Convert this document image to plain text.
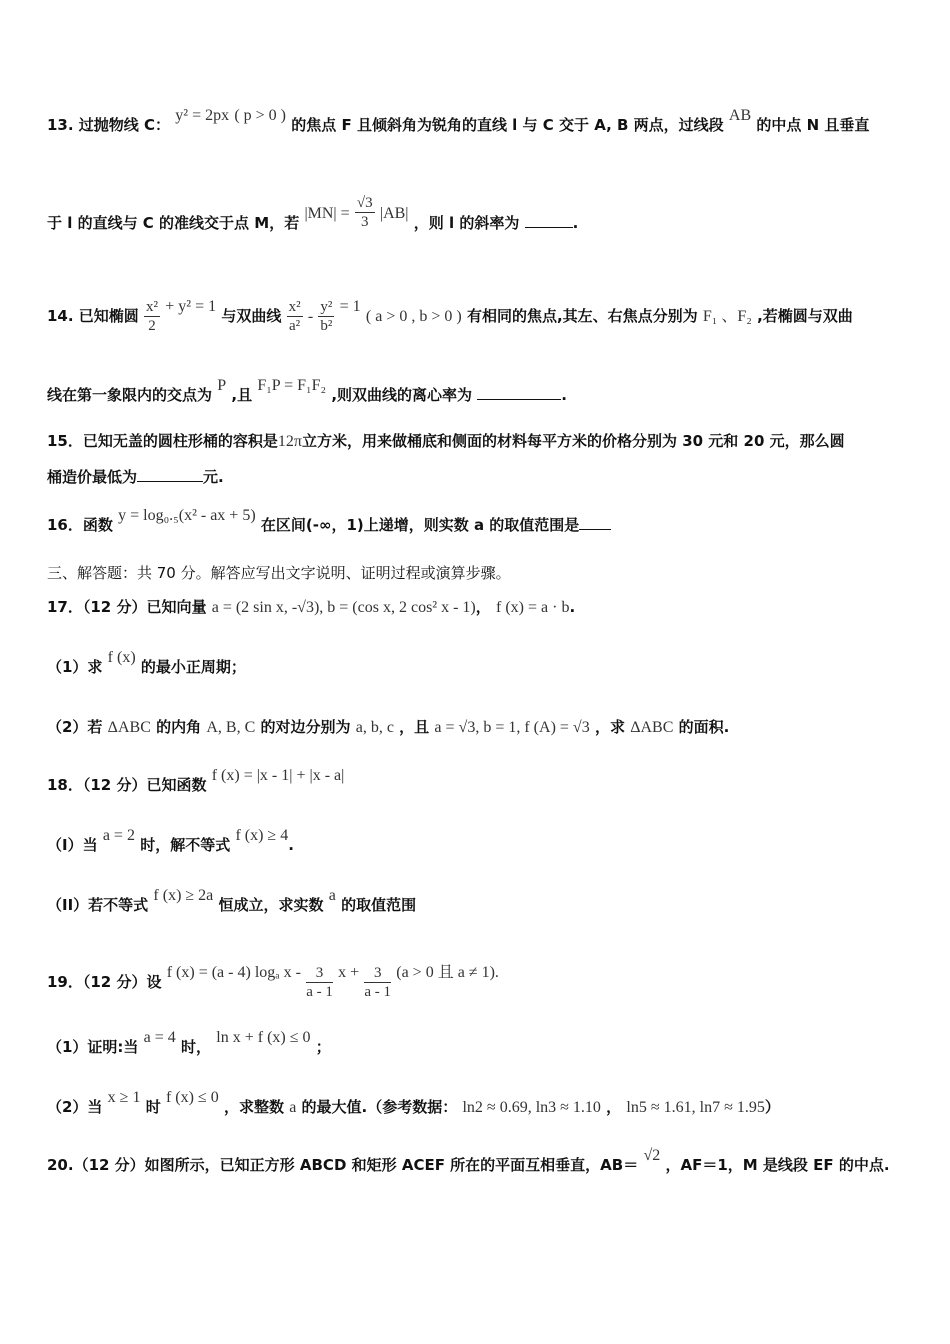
13. 过抛物线 C： y² = 2px ( p > 0 ) 的焦点 F 且倾斜角为锐角的直线 l 与 C 交于 A, B 两点，过线段 AB 的中点 N 且垂直
于 l 的直线与 C 的准线交于点 M，若 $|MN| = \frac{√3}{3} |AB|$ ，则 l 的斜率为	.
14. 已知椭圆 $\frac{\text{x²}}{2} + y^2 = 1$ 与双曲线 $\frac{\text{x²}}{\text{a²}} - \frac{\text{y²}}{\text{b²}} = 1$ ( a > 0 , b > 0 ) 有相同的焦点,其左、右焦点分别为 F₁ 、F₂ ,若椭圆与双曲
线在第一象限内的交点为 P ,且 F₁P = F₁F₂ ,则双曲线的离心率为	.
15．已知无盖的圆柱形桶的容积是12π立方米，用来做桶底和侧面的材料每平方米的价格分别为 30 元和 20 元，那么圆
桶造价最低为	元.
16．函数 y = log₀.₅(x² - ax + 5) 在区间(-∞，1)上递增，则实数 a 的取值范围是
三、解答题：共 70 分。解答应写出文字说明、证明过程或演算步骤。
17．（12 分）已知向量 a = (2 sin x, -√3), b = (cos x, 2 cos² x - 1)， f (x) = a · b.
（1）求 f (x) 的最小正周期；
（2）若 ΔABC 的内角 A, B, C 的对边分别为 a, b, c ，且 a = √3, b = 1, f (A) = √3 ，求 ΔABC 的面积.
18．（12 分）已知函数 f (x) = |x - 1| + |x - a|
（I）当 a = 2 时，解不等式 f (x) ≥ 4.
（II）若不等式 f (x) ≥ 2a 恒成立，求实数 a 的取值范围
19．（12 分）设 f (x) = (a - 4) logₐ x - $\frac{3}{a - 1}$ $x + \frac{3}{a - 1} (a > 0$ 且 a ≠ 1).
（1）证明:当 a = 4 时， ln x + f (x) ≤ 0 ；
（2）当 x ≥ 1 时 f (x) ≤ 0 ，求整数 a 的最大值.（参考数据： ln2 ≈ 0.69, ln3 ≈ 1.10 ， ln5 ≈ 1.61, ln7 ≈ 1.95）
20.（12 分）如图所示，已知正方形 ABCD 和矩形 ACEF 所在的平面互相垂直，AB＝ √2 ，AF＝1，M 是线段 EF 的中点.
